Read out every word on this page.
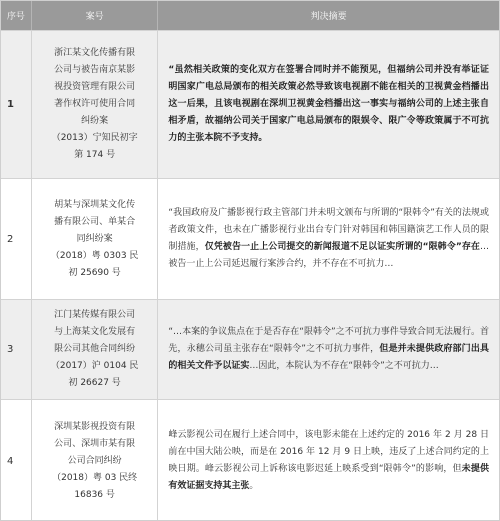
序号	案号	判决摘要
1
浙江某文化传播有限
公司与被告南京某影
视投资管理有限公司
著作权许可使用合同
纠纷案
（2013）宁知民初字
第 174 号

“虽然相关政策的变化双方在签署合同时并不能预见，但福纳公司并没有举证证明国家广电总局颁布的相关政策必然导致该电视剧不能在相关的卫视黄金档播出这一后果，且该电视剧在深圳卫视黄金档播出这一事实与福纳公司的上述主张自相矛盾，故福纳公司关于国家广电总局颁布的限娱令、限广令等政策属于不可抗力的主张本院不予支持。

2
胡某与深圳某文化传
播有限公司、单某合
同纠纷案
（2018）粤 0303 民
初 25690 号

“我国政府及广播影视行政主管部门并未明文颁布与所谓的“限韩令”有关的法规或者政策文件，也未在广播影视行业出台专门针对韩国和韩国籍演艺工作人员的限制措施，仅凭被告一止上公司提交的新闻报道不足以证实所谓的“限韩令”存在…被告一止上公司延迟履行案涉合约，并不存在不可抗力…

3
江门某传媒有限公司
与上海某文化发展有
限公司其他合同纠纷
（2017）沪 0104 民
初 26627 号

“…本案的争议焦点在于是否存在“限韩令”之不可抗力事件导致合同无法履行。首先，永穗公司虽主张存在“限韩令”之不可抗力事件，但是并未提供政府部门出具的相关文件予以证实…因此，本院认为不存在“限韩令”之不可抗力…

4
深圳某影视投资有限
公司、深圳市某有限
公司合同纠纷
（2018）粤 03 民终
16836 号

峰云影视公司在履行上述合同中，该电影未能在上述约定的 2016 年 2 月 28 日前在中国大陆公映，而是在 2016 年 12 月 9 日上映，违反了上述合同约定的上映日期。峰云影视公司上诉称该电影迟延上映系受到“限韩令”的影响，但未提供有效证据支持其主张。
